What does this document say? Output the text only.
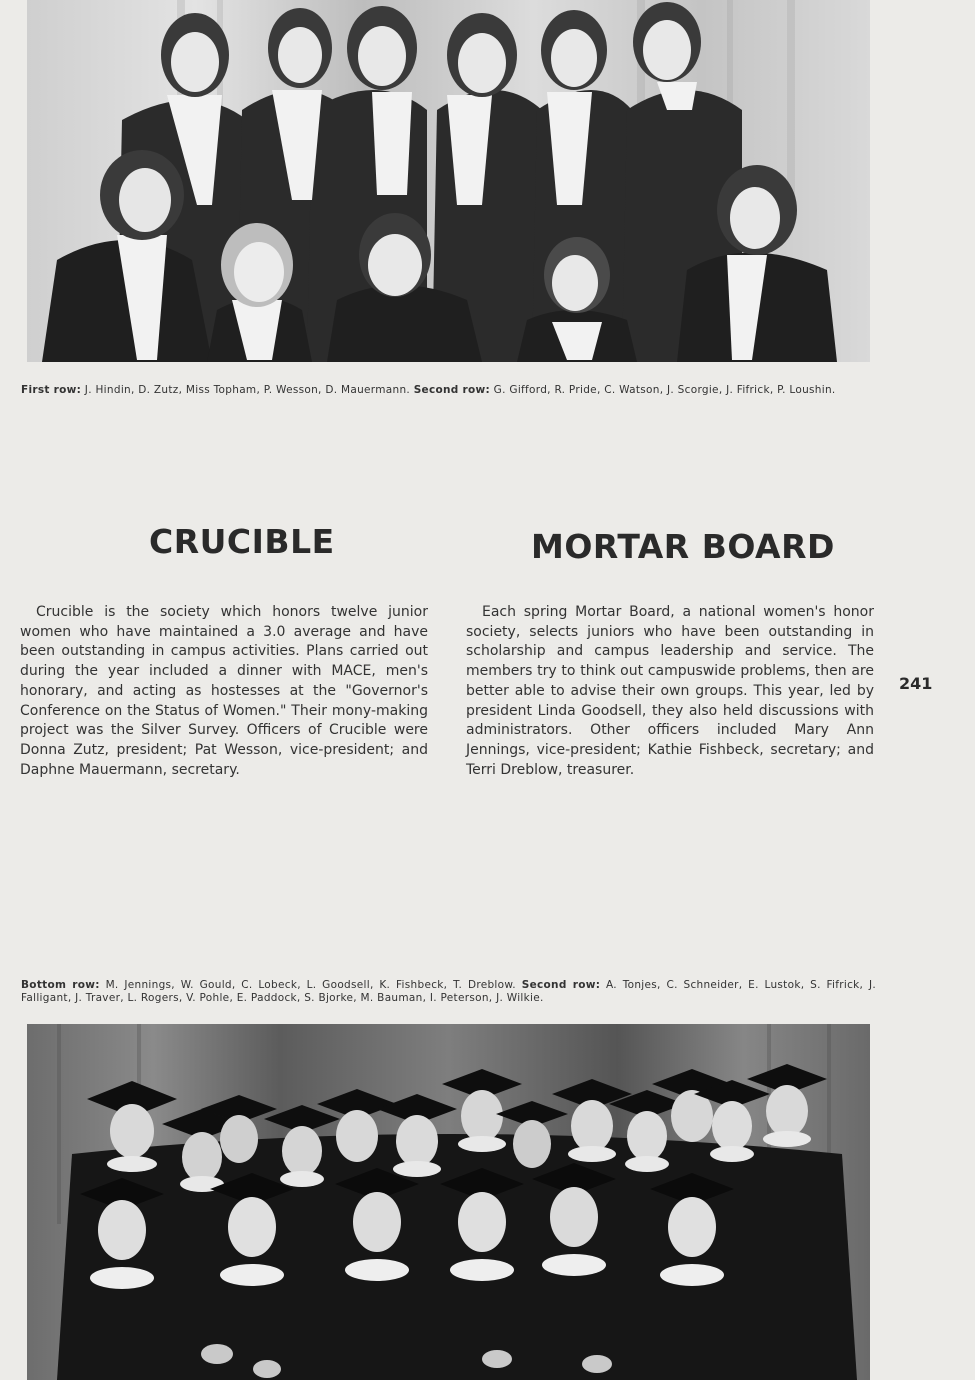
First row: J. Hindin, D. Zutz, Miss Topham, P. Wesson, D. Mauermann. Second row: G. Gifford, R. Pride, C. Watson, J. Scorgie, J. Fifrick, P. Loushin.
CRUCIBLE	MORTAR BOARD

Crucible is the society which honors twelve junior women who have maintained a 3.0 average and have been outstanding in campus activities. Plans carried out during the year included a dinner with MACE, men's honorary, and acting as hostesses at the "Governor's Conference on the Status of Women." Their mony-making project was the Silver Survey. Officers of Crucible were Donna Zutz, president; Pat Wesson, vice-president; and Daphne Mauermann, secretary.

Each spring Mortar Board, a national women's honor society, selects juniors who have been outstanding in scholarship and campus leadership and service. The members try to think out campuswide problems, then are better able to advise their own groups. This year, led by president Linda Goodsell, they also held discussions with administrators. Other officers included Mary Ann Jennings, vice-president; Kathie Fishbeck, secretary; and Terri Dreblow, treasurer.

241
Bottom row: M. Jennings, W. Gould, C. Lobeck, L. Goodsell, K. Fishbeck, T. Dreblow. Second row: A. Tonjes, C. Schneider, E. Lustok, S. Fifrick, J. Falligant, J. Traver, L. Rogers, V. Pohle, E. Paddock, S. Bjorke, M. Bauman, I. Peterson, J. Wilkie.
